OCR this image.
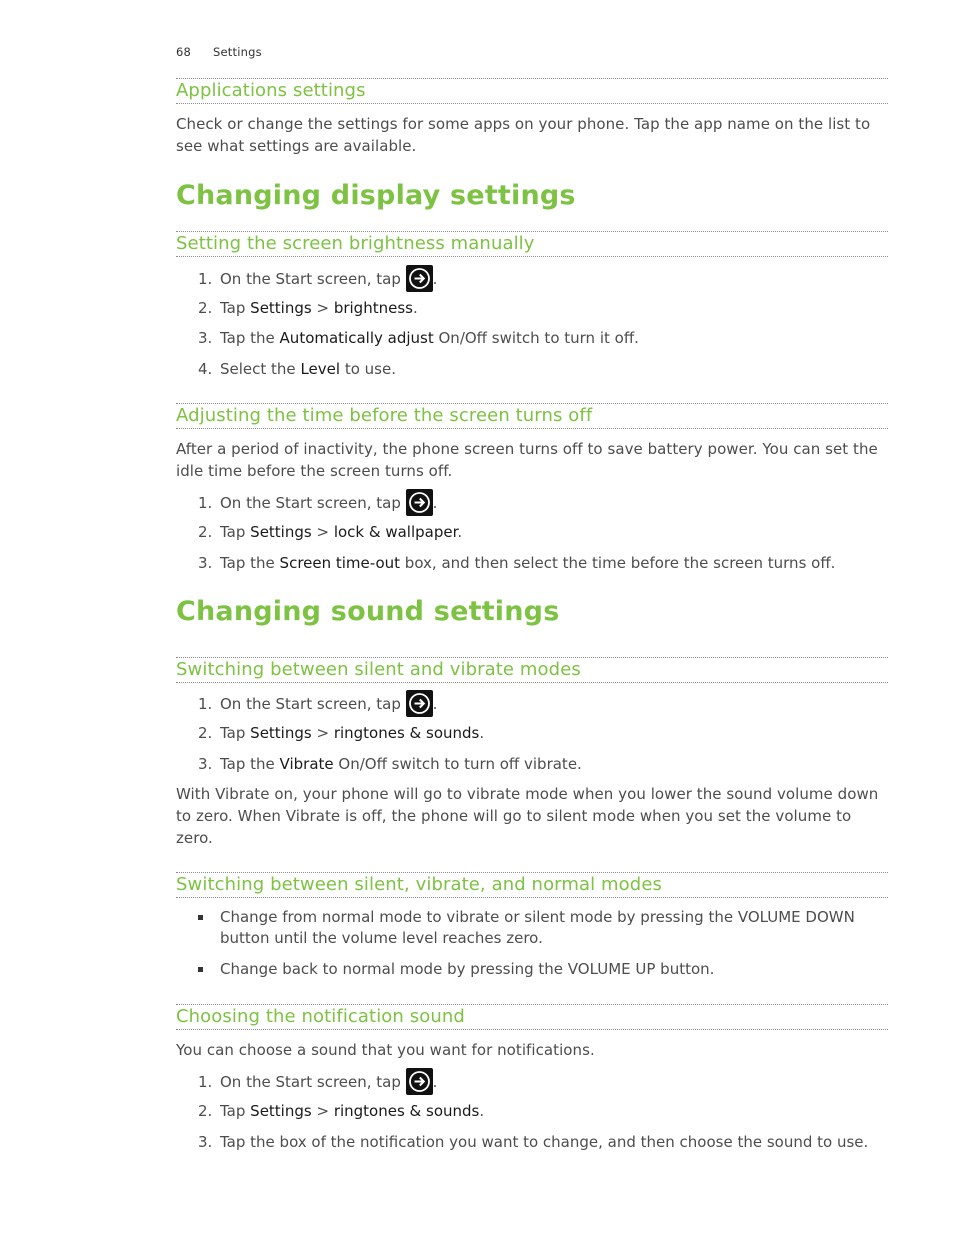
68 Settings
Applications settings
Check or change the settings for some apps on your phone. Tap the app name on the list to see what settings are available.
Changing display settings
Setting the screen brightness manually
1. On the Start screen, tap
.
2. Tap Settings > brightness.
3. Tap the Automatically adjust On/Off switch to turn it off.
4. Select the Level to use.
Adjusting the time before the screen turns off
After a period of inactivity, the phone screen turns off to save battery power. You can set the idle time before the screen turns off.
1. On the Start screen, tap
.
2. Tap Settings > lock & wallpaper.
3. Tap the Screen time-out box, and then select the time before the screen turns off.
Changing sound settings
Switching between silent and vibrate modes
1. On the Start screen, tap
.
2. Tap Settings > ringtones & sounds.
3. Tap the Vibrate On/Off switch to turn off vibrate.
With Vibrate on, your phone will go to vibrate mode when you lower the sound volume down to zero. When Vibrate is off, the phone will go to silent mode when you set the volume to zero.
Switching between silent, vibrate, and normal modes
Change from normal mode to vibrate or silent mode by pressing the VOLUME DOWN button until the volume level reaches zero.
Change back to normal mode by pressing the VOLUME UP button.
Choosing the notification sound
You can choose a sound that you want for notifications.
1. On the Start screen, tap
.
2. Tap Settings > ringtones & sounds.
3. Tap the box of the notification you want to change, and then choose the sound to use.
